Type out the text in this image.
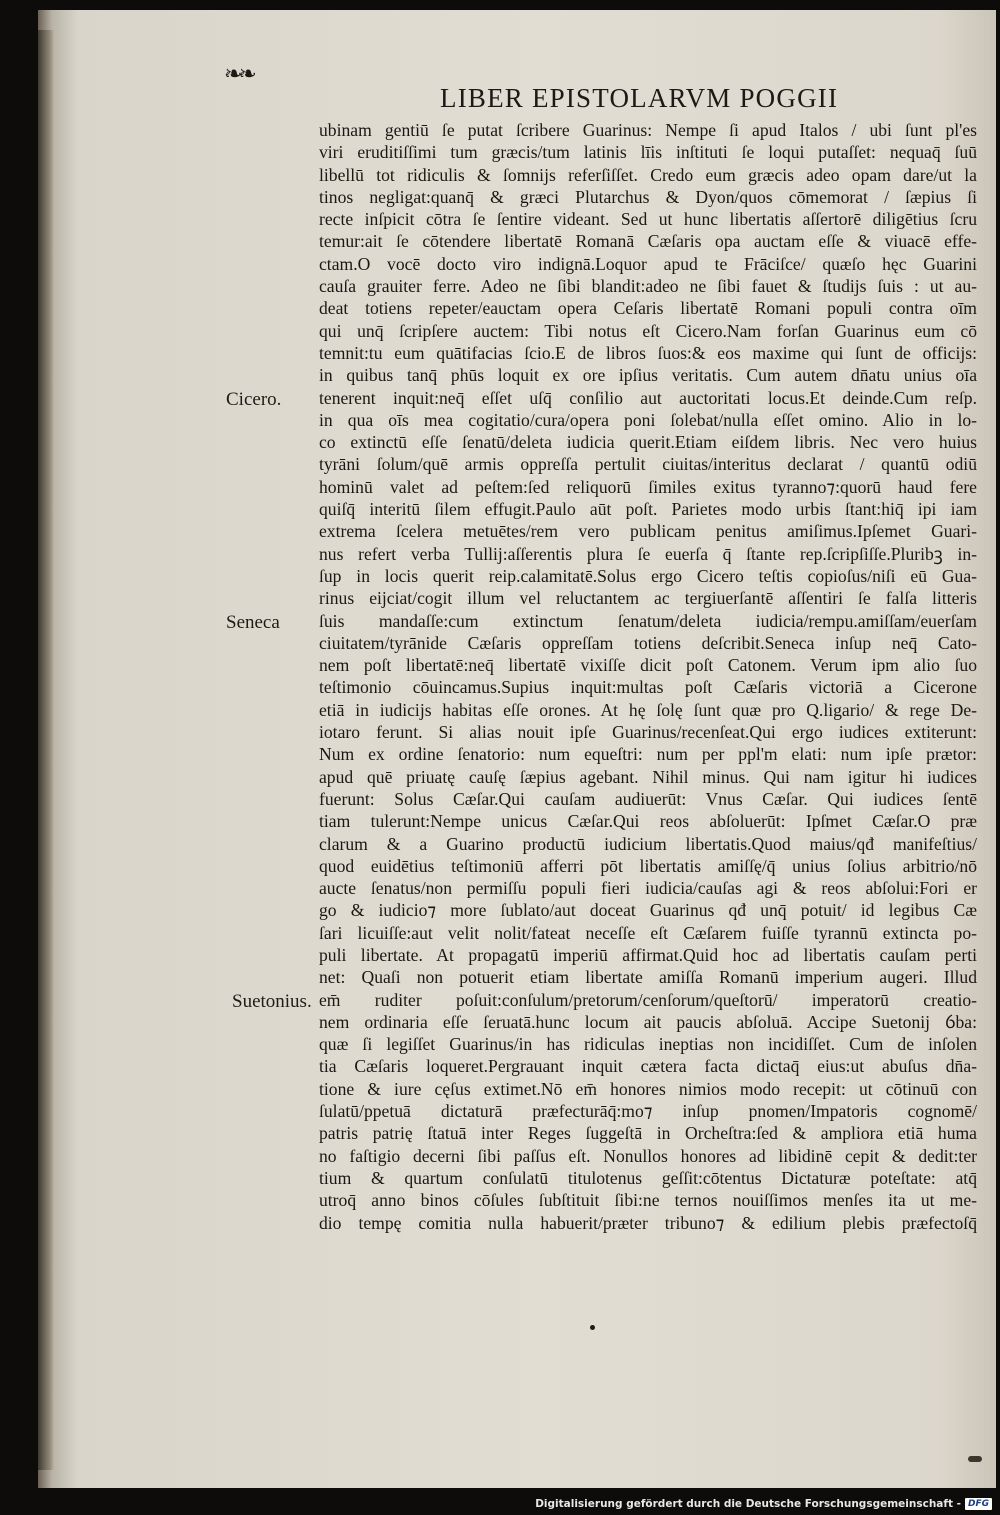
❧❧
LIBER EPISTOLARVM POGGII
ubinam gentiū ſe putat ſcribere Guarinus: Nempe ſi apud Italos / ubi ſunt pl'es
viri eruditiſſimi tum græcis/tum latinis līis inſtituti ſe loqui putaſſet: nequaq̄ ſuū
libellū tot ridiculis & ſomnijs referſiſſet. Credo eum græcis adeo opam dare/ut la
tinos negligat:quanq̄ & græci Plutarchus & Dyon/quos cōmemorat / ſæpius ſi
recte inſpicit cōtra ſe ſentire videant. Sed ut hunc libertatis aſſertorē diligētius ſcru
temur:ait ſe cōtendere libertatē Romanā Cæſaris opa auctam eſſe & viuacē effe-
ctam.O vocē docto viro indignā.Loquor apud te Frāciſce/ quæſo hęc Guarini
cauſa grauiter ferre. Adeo ne ſibi blandit:adeo ne ſibi fauet & ſtudijs ſuis : ut au-
deat totiens repeter/eauctam opera Ceſaris libertatē Romani populi contra oīm
qui unq̄ ſcripſere auctem: Tibi notus eſt Cicero.Nam forſan Guarinus eum cō
temnit:tu eum quātifacias ſcio.E de libros ſuos:& eos maxime qui ſunt de officijs:
in quibus tanq̄ phūs loquit ex ore ipſius veritatis. Cum autem dn̄atu unius oīa
tenerent inquit:neq̄ eſſet uſq̄ conſilio aut auctoritati locus.Et deinde.Cum reſp.
in qua oīs mea cogitatio/cura/opera poni ſolebat/nulla eſſet omino. Alio in lo-
co extinctū eſſe ſenatū/deleta iudicia querit.Etiam eiſdem libris. Nec vero huius
tyrāni ſolum/quē armis oppreſſa pertulit ciuitas/interitus declarat / quantū odiū
hominū valet ad peſtem:ſed reliquorū ſimiles exitus tyranno⁊:quorū haud fere
quiſq̄ interitū ſilem effugit.Paulo aūt poſt. Parietes modo urbis ſtant:hiq̄ ipi iam
extrema ſcelera metuētes/rem vero publicam penitus amiſimus.Ipſemet Guari-
nus refert verba Tullij:aſſerentis plura ſe euerſa q̄ ſtante rep.ſcripſiſſe.Pluribꝫ in-
ſup in locis querit reip.calamitatē.Solus ergo Cicero teſtis copioſus/niſi eū Gua-
rinus eijciat/cogit illum vel reluctantem ac tergiuerſantē aſſentiri ſe falſa litteris
ſuis mandaſſe:cum extinctum ſenatum/deleta iudicia/rempu.amiſſam/euerſam
ciuitatem/tyrānide Cæſaris oppreſſam totiens deſcribit.Seneca inſup neq̄ Cato-
nem poſt libertatē:neq̄ libertatē vixiſſe dicit poſt Catonem. Verum ipm alio ſuo
teſtimonio cōuincamus.Supius inquit:multas poſt Cæſaris victoriā a Cicerone
etiā in iudicijs habitas eſſe orones. At hę ſolę ſunt quæ pro Q.ligario/ & rege De-
iotaro ferunt. Si alias nouit ipſe Guarinus/recenſeat.Qui ergo iudices extiterunt:
Num ex ordine ſenatorio: num equeſtri: num per ppl'm elati: num ipſe prætor:
apud quē priuatę cauſę ſæpius agebant. Nihil minus. Qui nam igitur hi iudices
fuerunt: Solus Cæſar.Qui cauſam audiuerūt: Vnus Cæſar. Qui iudices ſentē
tiam tulerunt:Nempe unicus Cæſar.Qui reos abſoluerūt: Ipſmet Cæſar.O præ
clarum & a Guarino productū iudicium libertatis.Quod maius/qđ manifeſtius/
quod euidētius teſtimoniū afferri pōt libertatis amiſſę/q̄ unius ſolius arbitrio/nō
aucte ſenatus/non permiſſu populi fieri iudicia/cauſas agi & reos abſolui:Fori er
go & iudicio⁊ more ſublato/aut doceat Guarinus qđ unq̄ potuit/ id legibus Cæ
ſari licuiſſe:aut velit nolit/fateat neceſſe eſt Cæſarem fuiſſe tyrannū extincta po-
puli libertate. At propagatū imperiū affirmat.Quid hoc ad libertatis cauſam perti
net: Quaſi non potuerit etiam libertate amiſſa Romanū imperium augeri. Illud
em̄ ruditer poſuit:conſulum/pretorum/cenſorum/queſtorū/ imperatorū creatio-
nem ordinaria eſſe ſeruatā.hunc locum ait paucis abſoluā. Accipe Suetonij ỽba:
quæ ſi legiſſet Guarinus/in has ridiculas ineptias non incidiſſet. Cum de inſolen
tia Cæſaris loqueret.Pergrauant inquit cætera facta dictaq̄ eius:ut abuſus dn̄a-
tione & iure cęſus extimet.Nō em̄ honores nimios modo recepit: ut cōtinuū con
ſulatū/ppetuā dictaturā præfecturāq̄:mo⁊ inſup pnomen/Impatoris cognomē/
patris patrię ſtatuā inter Reges ſuggeſtā in Orcheſtra:ſed & ampliora etiā huma
no faſtigio decerni ſibi paſſus eſt. Nonullos honores ad libidinē cepit & dedit:ter
tium & quartum conſulatū titulotenus geſſit:cōtentus Dictaturæ poteſtate: atq̄
utroq̄ anno binos cōſules ſubſtituit ſibi:ne ternos nouiſſimos menſes ita ut me-
dio tempę comitia nulla habuerit/præter tribuno⁊ & edilium plebis præfectoſq̄
Cicero.
Seneca
Suetonius.
Digitalisierung gefördert durch die Deutsche Forschungsgemeinschaft - DFG
